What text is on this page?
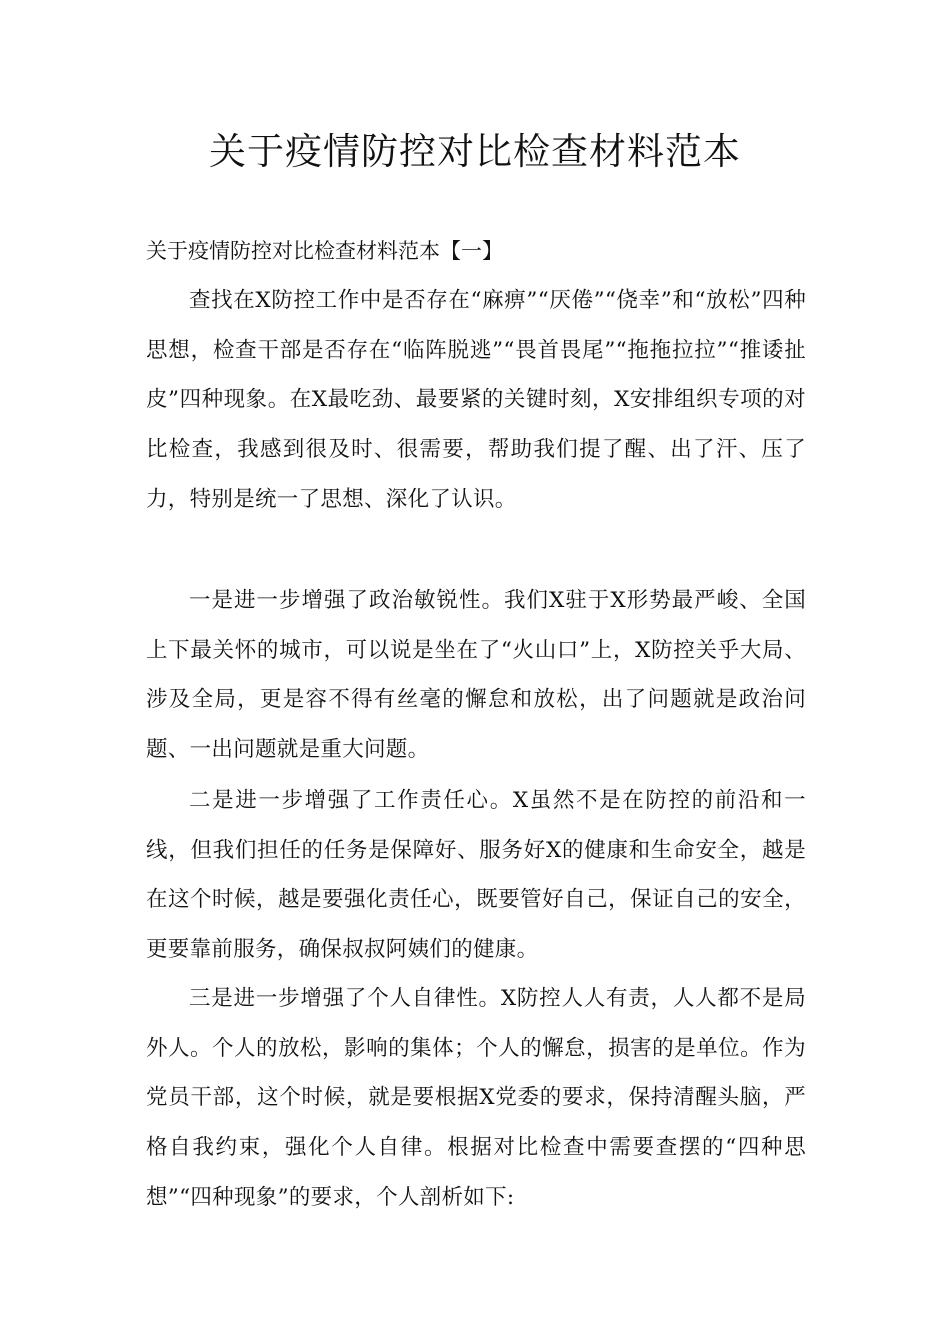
关于疫情防控对比检查材料范本

关于疫情防控对比检查材料范本【一】

查找在X防控工作中是否存在“麻痹”“厌倦”“侥幸”和“放松”四种思想，检查干部是否存在“临阵脱逃”“畏首畏尾”“拖拖拉拉”“推诿扯皮”四种现象。在X最吃劲、最要紧的关键时刻，X安排组织专项的对比检查，我感到很及时、很需要，帮助我们提了醒、出了汗、压了力，特别是统一了思想、深化了认识。

一是进一步增强了政治敏锐性。我们X驻于X形势最严峻、全国上下最关怀的城市，可以说是坐在了“火山口”上，X防控关乎大局、涉及全局，更是容不得有丝毫的懈怠和放松，出了问题就是政治问题、一出问题就是重大问题。

二是进一步增强了工作责任心。X虽然不是在防控的前沿和一线，但我们担任的任务是保障好、服务好X的健康和生命安全，越是在这个时候，越是要强化责任心，既要管好自己，保证自己的安全，更要靠前服务，确保叔叔阿姨们的健康。

三是进一步增强了个人自律性。X防控人人有责，人人都不是局外人。个人的放松，影响的集体；个人的懈怠，损害的是单位。作为党员干部，这个时候，就是要根据X党委的要求，保持清醒头脑，严格自我约束，强化个人自律。根据对比检查中需要查摆的“四种思想”“四种现象”的要求，个人剖析如下:
